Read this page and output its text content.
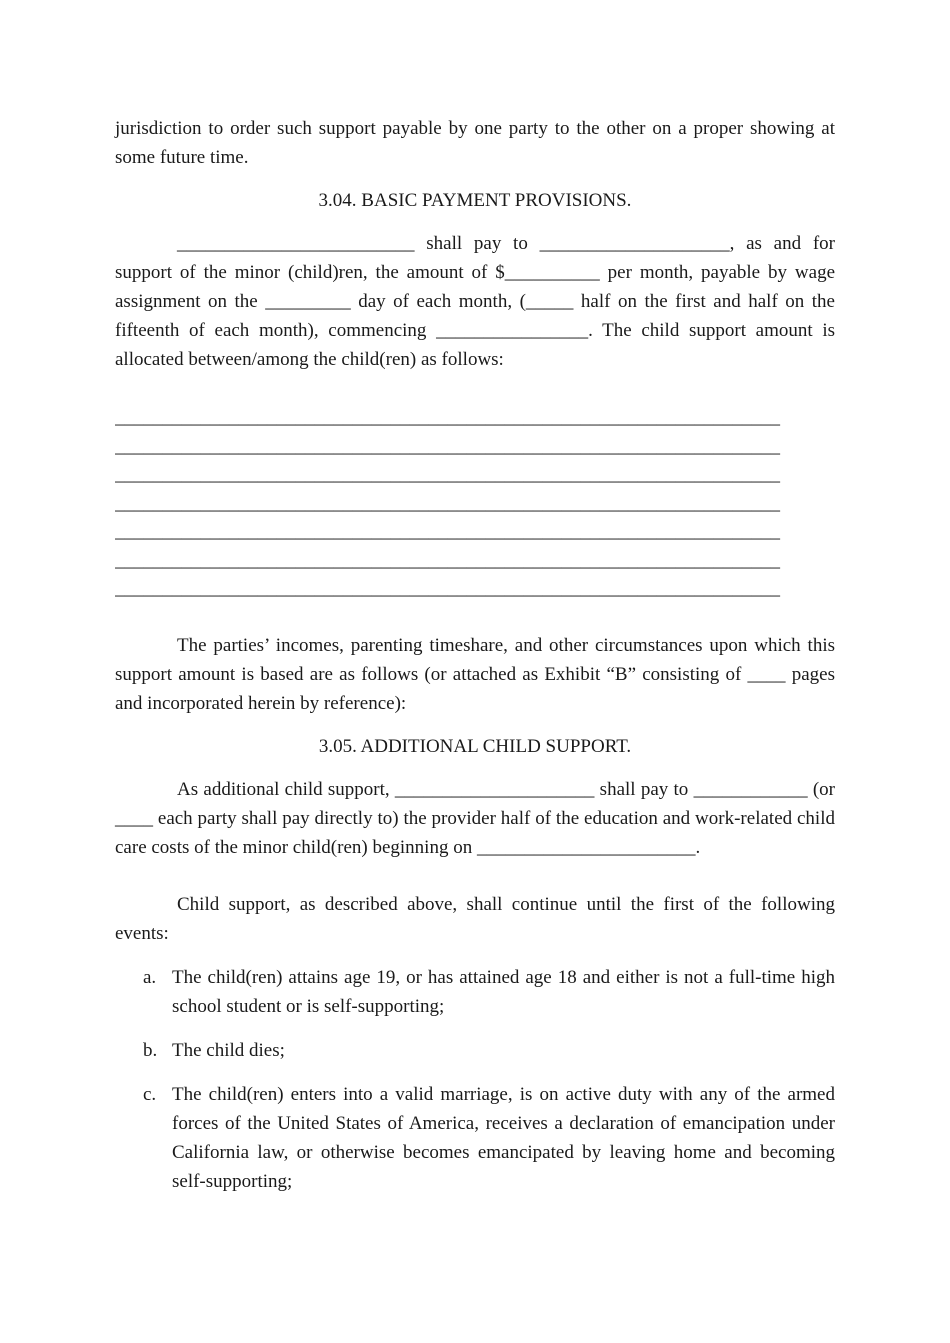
jurisdiction to order such support payable by one party to the other on a proper showing at some future time.

3.04. BASIC PAYMENT PROVISIONS.

_________________________ shall pay to ____________________, as and for support of the minor (child)ren, the amount of $__________ per month, payable by wage assignment on the _________ day of each month, (_____ half on the first and half on the fifteenth of each month), commencing ________________. The child support amount is allocated between/among the child(ren) as follows:

______________________________________________________________________
______________________________________________________________________
______________________________________________________________________
______________________________________________________________________
______________________________________________________________________
______________________________________________________________________
______________________________________________________________________

The parties’ incomes, parenting timeshare, and other circumstances upon which this support amount is based are as follows (or attached as Exhibit “B” consisting of ____ pages and incorporated herein by reference):

3.05. ADDITIONAL CHILD SUPPORT.

As additional child support, _____________________ shall pay to ____________ (or ____ each party shall pay directly to) the provider half of the education and work-related child care costs of the minor child(ren) beginning on _______________________.

Child support, as described above, shall continue until the first of the following events:

a. The child(ren) attains age 19, or has attained age 18 and either is not a full-time high school student or is self-supporting;
b. The child dies;
c. The child(ren) enters into a valid marriage, is on active duty with any of the armed forces of the United States of America, receives a declaration of emancipation under California law, or otherwise becomes emancipated by leaving home and becoming self-supporting;
